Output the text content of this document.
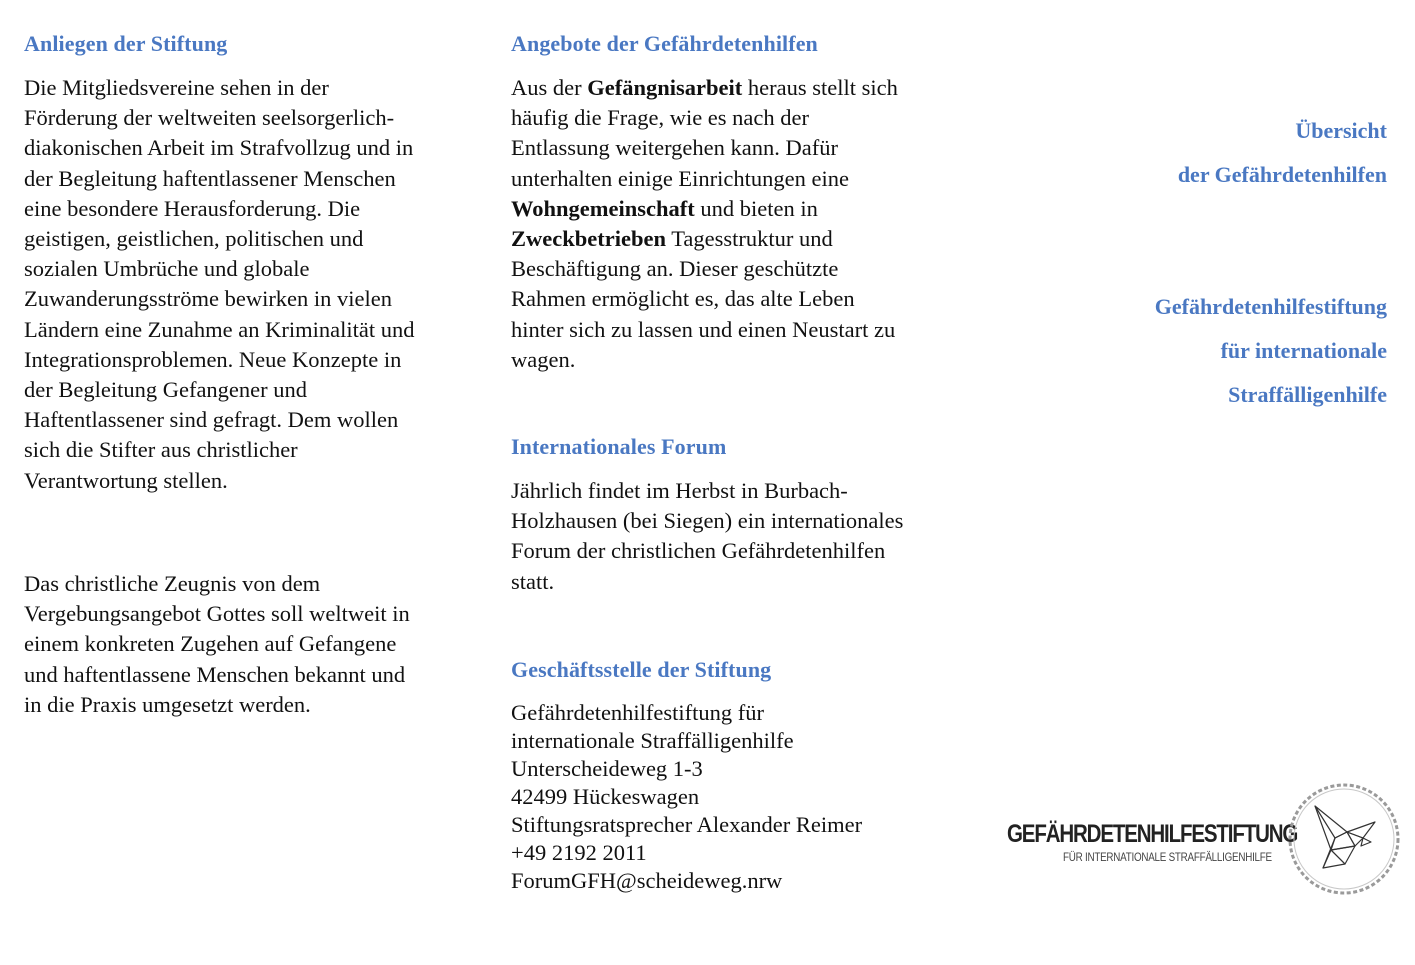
Anliegen der Stiftung

Die Mitgliedsvereine sehen in der Förderung der weltweiten seelsorgerlich-diakonischen Arbeit im Strafvollzug und in der Begleitung haftentlassener Menschen eine besondere Herausforderung. Die geistigen, geistlichen, politischen und sozialen Umbrüche und globale Zuwanderungsströme bewirken in vielen Ländern eine Zunahme an Kriminalität und Integrationsproblemen. Neue Konzepte in der Begleitung Gefangener und Haftentlassener sind gefragt. Dem wollen sich die Stifter aus christlicher Verantwortung stellen.

Das christliche Zeugnis von dem Vergebungsangebot Gottes soll weltweit in einem konkreten Zugehen auf Gefangene und haftentlassene Menschen bekannt und in die Praxis umgesetzt werden.

Angebote der Gefährdetenhilfen

Aus der Gefängnisarbeit heraus stellt sich häufig die Frage, wie es nach der Entlassung weitergehen kann. Dafür unterhalten einige Einrichtungen eine Wohngemeinschaft und bieten in Zweckbetrieben Tagesstruktur und Beschäftigung an. Dieser geschützte Rahmen ermöglicht es, das alte Leben hinter sich zu lassen und einen Neustart zu wagen.

Internationales Forum

Jährlich findet im Herbst in Burbach-Holzhausen (bei Siegen) ein internationales Forum der christlichen Gefährdetenhilfen statt.

Geschäftsstelle der Stiftung

Gefährdetenhilfestiftung für
internationale Straffälligenhilfe
Unterscheideweg 1-3
42499 Hückeswagen
Stiftungsratsprecher Alexander Reimer
+49 2192 2011
ForumGFH@scheideweg.nrw

Übersicht
der Gefährdetenhilfen
Gefährdetenhilfestiftung
für internationale
Straffälligenhilfe
GEFÄHRDETENHILFESTIFTUNG
FÜR INTERNATIONALE STRAFFÄLLIGENHILFE
